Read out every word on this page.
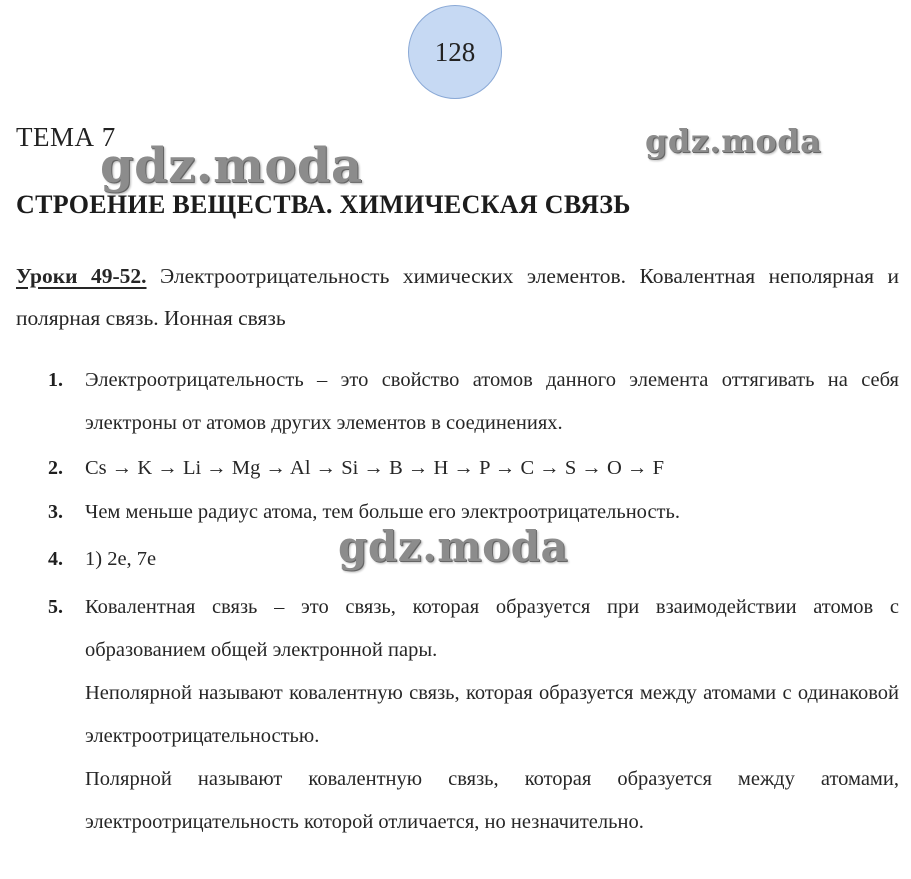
128
ТЕМА 7
gdz.moda	gdz.moda
СТРОЕНИЕ ВЕЩЕСТВА. ХИМИЧЕСКАЯ СВЯЗЬ
Уроки 49-52. Электроотрицательность химических элементов. Ковалентная неполярная и полярная связь. Ионная связь
1. Электроотрицательность – это свойство атомов данного элемента оттягивать на себя электроны от атомов других элементов в соединениях.
2. Cs → K → Li → Mg → Al → Si → B → H → P → C → S → O → F
3. Чем меньше радиус атома, тем больше его электроотрицательность.
gdz.moda
4. 1) 2e, 7e
5. Ковалентная связь – это связь, которая образуется при взаимодействии атомов с образованием общей электронной пары.
Неполярной называют ковалентную связь, которая образуется между атомами с одинаковой электроотрицательностью.
Полярной называют ковалентную связь, которая образуется между атомами, электроотрицательность которой отличается, но незначительно.
